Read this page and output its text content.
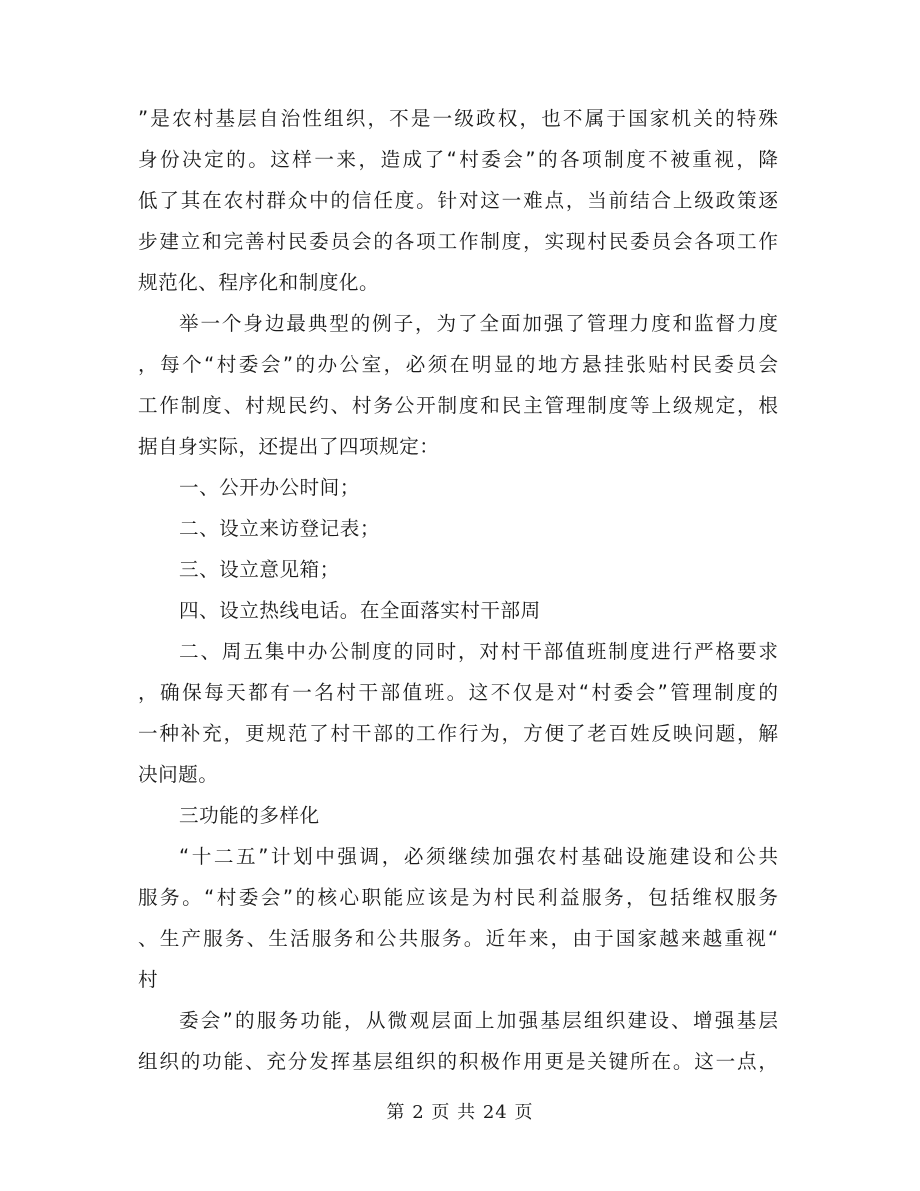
”是农村基层自治性组织，不是一级政权，也不属于国家机关的特殊
身份决定的。这样一来，造成了“村委会”的各项制度不被重视，降
低了其在农村群众中的信任度。针对这一难点，当前结合上级政策逐
步建立和完善村民委员会的各项工作制度，实现村民委员会各项工作
规范化、程序化和制度化。
举一个身边最典型的例子，为了全面加强了管理力度和监督力度
，每个“村委会”的办公室，必须在明显的地方悬挂张贴村民委员会
工作制度、村规民约、村务公开制度和民主管理制度等上级规定，根
据自身实际，还提出了四项规定：
一、公开办公时间；
二、设立来访登记表；
三、设立意见箱；
四、设立热线电话。在全面落实村干部周
二、周五集中办公制度的同时，对村干部值班制度进行严格要求
，确保每天都有一名村干部值班。这不仅是对“村委会”管理制度的
一种补充，更规范了村干部的工作行为，方便了老百姓反映问题，解
决问题。
三功能的多样化
“十二五”计划中强调，必须继续加强农村基础设施建设和公共
服务。“村委会”的核心职能应该是为村民利益服务，包括维权服务
、生产服务、生活服务和公共服务。近年来，由于国家越来越重视“
村
委会”的服务功能，从微观层面上加强基层组织建设、增强基层
组织的功能、充分发挥基层组织的积极作用更是关键所在。这一点，
第 2 页 共 24 页
